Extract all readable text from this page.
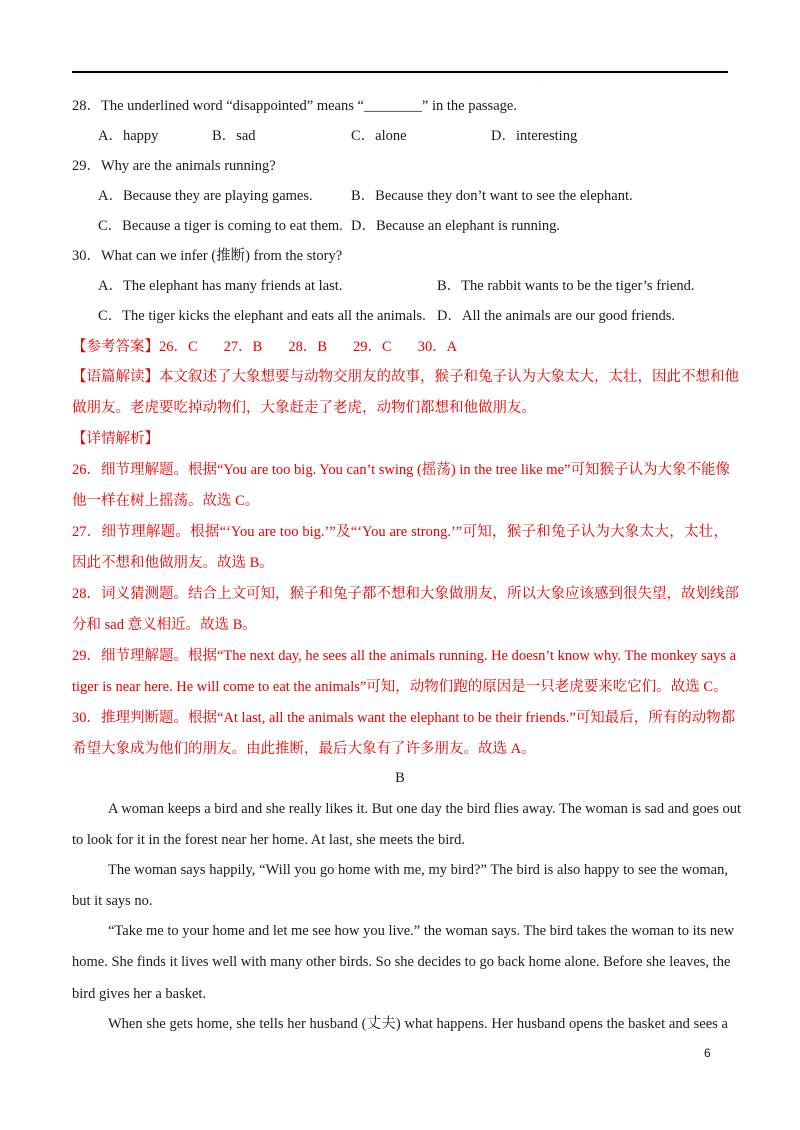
·
28．The underlined word “disappointed” means “________” in the passage.
A．happy	B．sad	C．alone	D．interesting
29．Why are the animals running?
A．Because they are playing games.	B．Because they don’t want to see the elephant.
C．Because a tiger is coming to eat them. D．Because an elephant is running.
30．What can we infer (推断) from the story?
A．The elephant has many friends at last.	B．The rabbit wants to be the tiger’s friend.
C．The tiger kicks the elephant and eats all the animals. D．All the animals are our good friends.
【参考答案】26．C 27．B 28．B 29．C 30．A
【语篇解读】本文叙述了大象想要与动物交朋友的故事，猴子和兔子认为大象太大，太壮，因此不想和他
做朋友。老虎要吃掉动物们，大象赶走了老虎，动物们都想和他做朋友。
【详情解析】
26．细节理解题。根据“You are too big. You can’t swing (摇荡) in the tree like me”可知猴子认为大象不能像
他一样在树上摇荡。故选 C。
27．细节理解题。根据“‘You are too big.’”及“‘You are strong.’”可知，猴子和兔子认为大象太大，太壮，
因此不想和他做朋友。故选 B。
28．词义猜测题。结合上文可知，猴子和兔子都不想和大象做朋友，所以大象应该感到很失望，故划线部
分和 sad 意义相近。故选 B。
29．细节理解题。根据“The next day, he sees all the animals running. He doesn’t know why. The monkey says a
tiger is near here. He will come to eat the animals”可知，动物们跑的原因是一只老虎要来吃它们。故选 C。
30．推理判断题。根据“At last, all the animals want the elephant to be their friends.”可知最后，所有的动物都
希望大象成为他们的朋友。由此推断，最后大象有了许多朋友。故选 A。
B
A woman keeps a bird and she really likes it. But one day the bird flies away. The woman is sad and goes out
to look for it in the forest near her home. At last, she meets the bird.
The woman says happily, “Will you go home with me, my bird?” The bird is also happy to see the woman,
but it says no.
“Take me to your home and let me see how you live.” the woman says. The bird takes the woman to its new
home. She finds it lives well with many other birds. So she decides to go back home alone. Before she leaves, the
bird gives her a basket.
When she gets home, she tells her husband (丈夫) what happens. Her husband opens the basket and sees a
6
